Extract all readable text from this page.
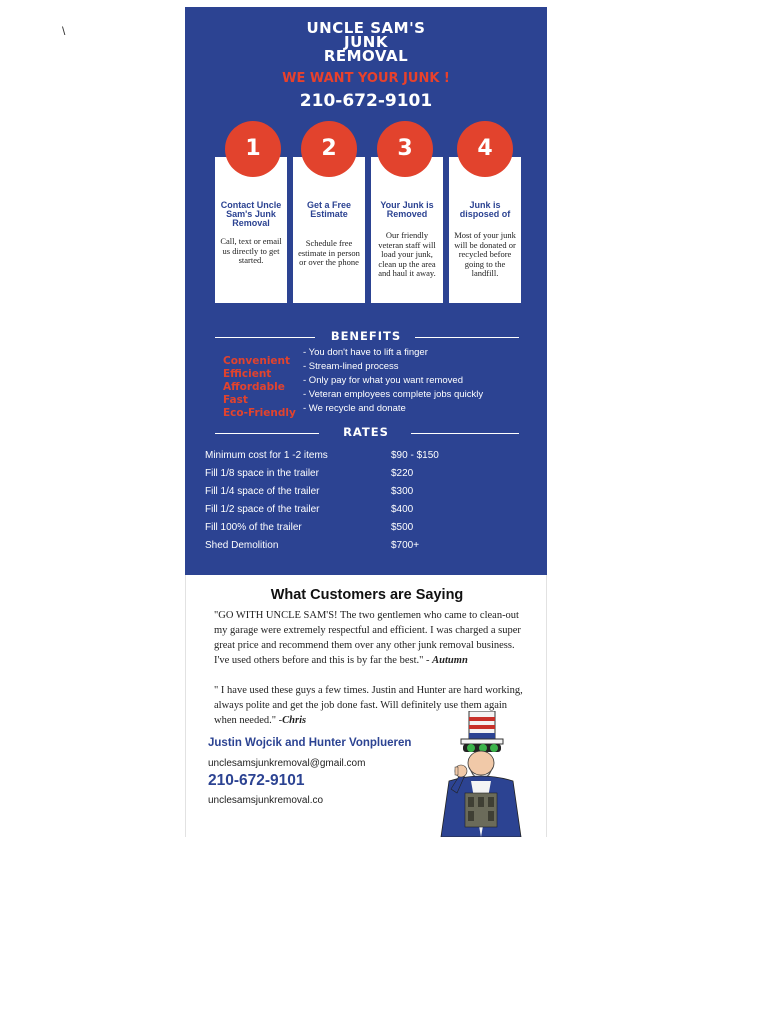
\	UNCLE SAM'S
JUNK
REMOVAL
WE WANT YOUR JUNK !
210-672-9101
Contact Uncle Sam's Junk Removal
Call, text or email us directly to get started.
Get a Free Estimate
Schedule free estimate in person or over the phone
Your Junk is Removed
Our friendly veteran staff will load your junk, clean up the area and haul it away.
Junk is disposed of
Most of your junk will be donated or recycled before going to the landfill.
1	2	3	4
BENEFITS
Convenient
Efficient
Affordable
Fast
Eco-Friendly
- You don't have to lift a finger
- Stream-lined process
- Only pay for what you want removed
- Veteran employees complete jobs quickly
- We recycle and donate
RATES
Minimum cost for 1 -2 items	$90 - $150
Fill 1/8 space in the trailer	$220
Fill 1/4 space of the trailer	$300
Fill 1/2 space of the trailer	$400
Fill 100% of the trailer	$500
Shed Demolition	$700+
What Customers are Saying
"GO WITH UNCLE SAM'S! The two gentlemen who came to clean-out my garage were extremely respectful and efficient. I was charged a super great price and recommend them over any other junk removal business. I've used others before and this is by far the best." - Autumn
" I have used these guys a few times. Justin and Hunter are hard working, always polite and get the job done fast. Will definitely use them again when needed." -Chris
Justin Wojcik and Hunter Vonplueren
unclesamsjunkremoval@gmail.com
210-672-9101
unclesamsjunkremoval.co
